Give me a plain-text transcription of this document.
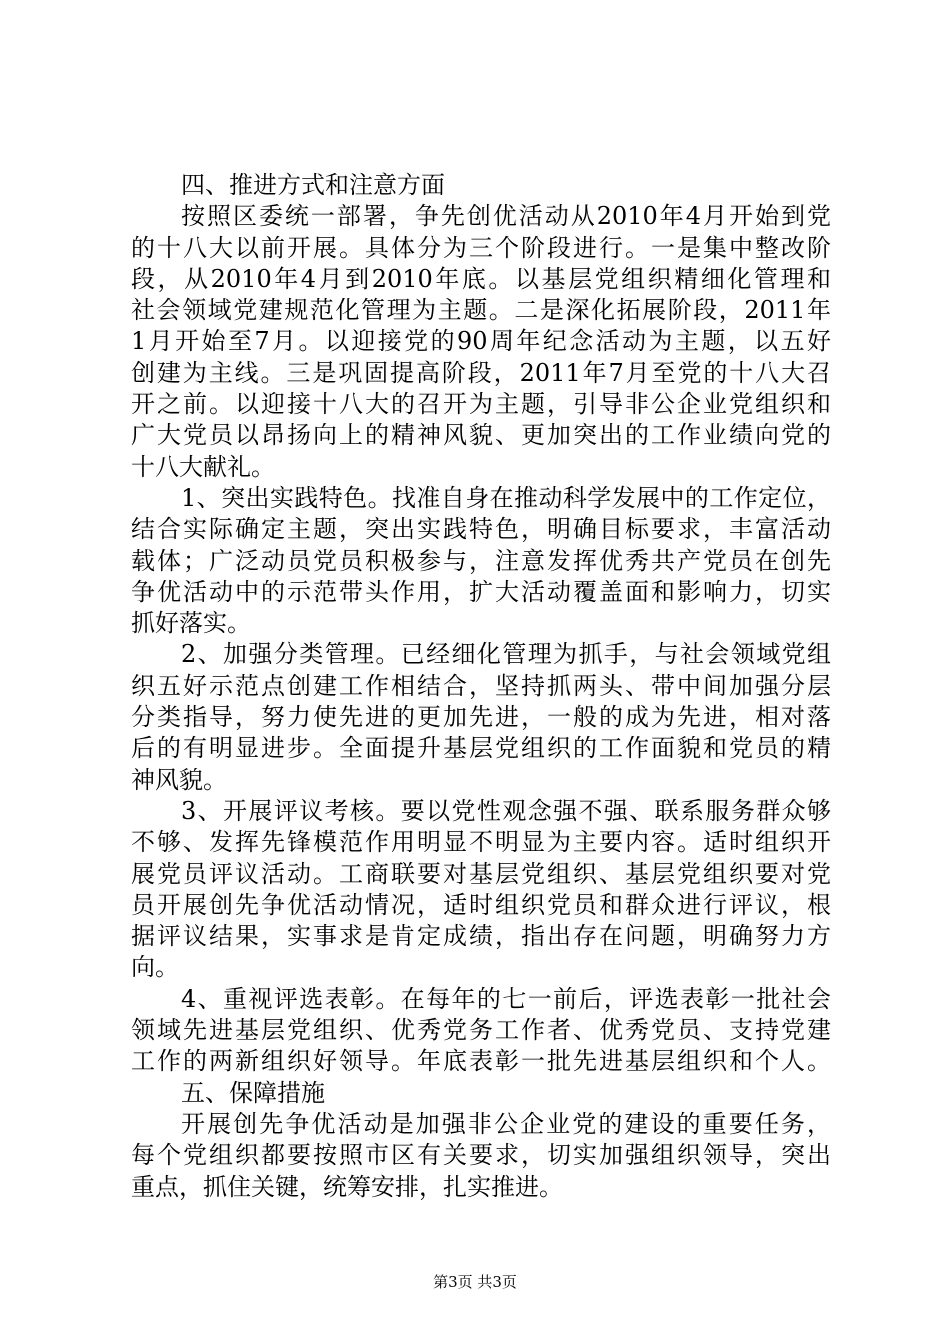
四、推进方式和注意方面
按照区委统一部署，争先创优活动从2010年4月开始到党
的十八大以前开展。具体分为三个阶段进行。一是集中整改阶
段，从2010年4月到2010年底。以基层党组织精细化管理和
社会领域党建规范化管理为主题。二是深化拓展阶段，2011年
1月开始至7月。以迎接党的90周年纪念活动为主题，以五好
创建为主线。三是巩固提高阶段，2011年7月至党的十八大召
开之前。以迎接十八大的召开为主题，引导非公企业党组织和
广大党员以昂扬向上的精神风貌、更加突出的工作业绩向党的
十八大献礼。
1、突出实践特色。找准自身在推动科学发展中的工作定位，
结合实际确定主题，突出实践特色，明确目标要求，丰富活动
载体；广泛动员党员积极参与，注意发挥优秀共产党员在创先
争优活动中的示范带头作用，扩大活动覆盖面和影响力，切实
抓好落实。
2、加强分类管理。已经细化管理为抓手，与社会领域党组
织五好示范点创建工作相结合，坚持抓两头、带中间加强分层
分类指导，努力使先进的更加先进，一般的成为先进，相对落
后的有明显进步。全面提升基层党组织的工作面貌和党员的精
神风貌。
3、开展评议考核。要以党性观念强不强、联系服务群众够
不够、发挥先锋模范作用明显不明显为主要内容。适时组织开
展党员评议活动。工商联要对基层党组织、基层党组织要对党
员开展创先争优活动情况，适时组织党员和群众进行评议，根
据评议结果，实事求是肯定成绩，指出存在问题，明确努力方
向。
4、重视评选表彰。在每年的七一前后，评选表彰一批社会
领域先进基层党组织、优秀党务工作者、优秀党员、支持党建
工作的两新组织好领导。年底表彰一批先进基层组织和个人。
五、保障措施
开展创先争优活动是加强非公企业党的建设的重要任务，
每个党组织都要按照市区有关要求，切实加强组织领导，突出
重点，抓住关键，统筹安排，扎实推进。
第3页 共3页
